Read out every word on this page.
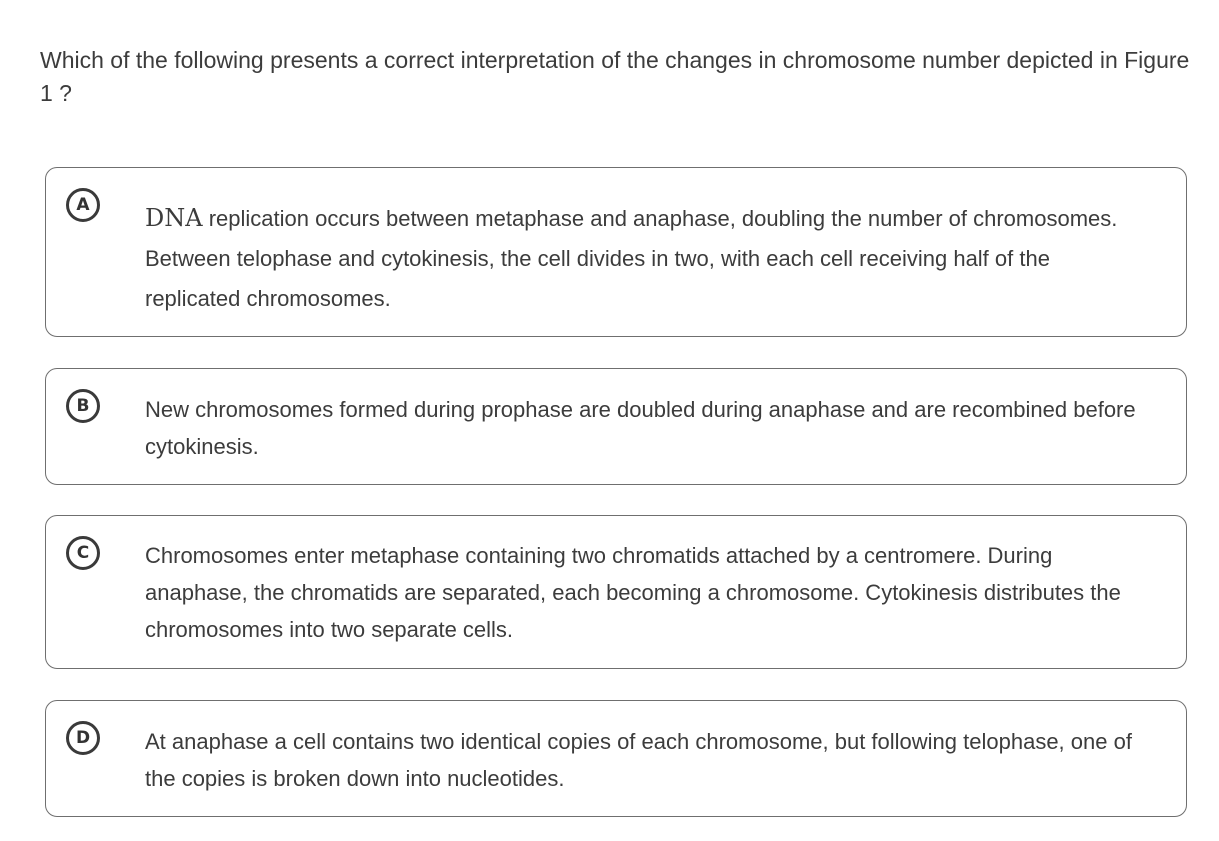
Which of the following presents a correct interpretation of the changes in chromosome number depicted in Figure 1 ?

A	DNA replication occurs between metaphase and anaphase, doubling the number of chromosomes. Between telophase and cytokinesis, the cell divides in two, with each cell receiving half of the replicated chromosomes.

B	New chromosomes formed during prophase are doubled during anaphase and are recombined before cytokinesis.

C	Chromosomes enter metaphase containing two chromatids attached by a centromere. During anaphase, the chromatids are separated, each becoming a chromosome. Cytokinesis distributes the chromosomes into two separate cells.

D	At anaphase a cell contains two identical copies of each chromosome, but following telophase, one of the copies is broken down into nucleotides.
